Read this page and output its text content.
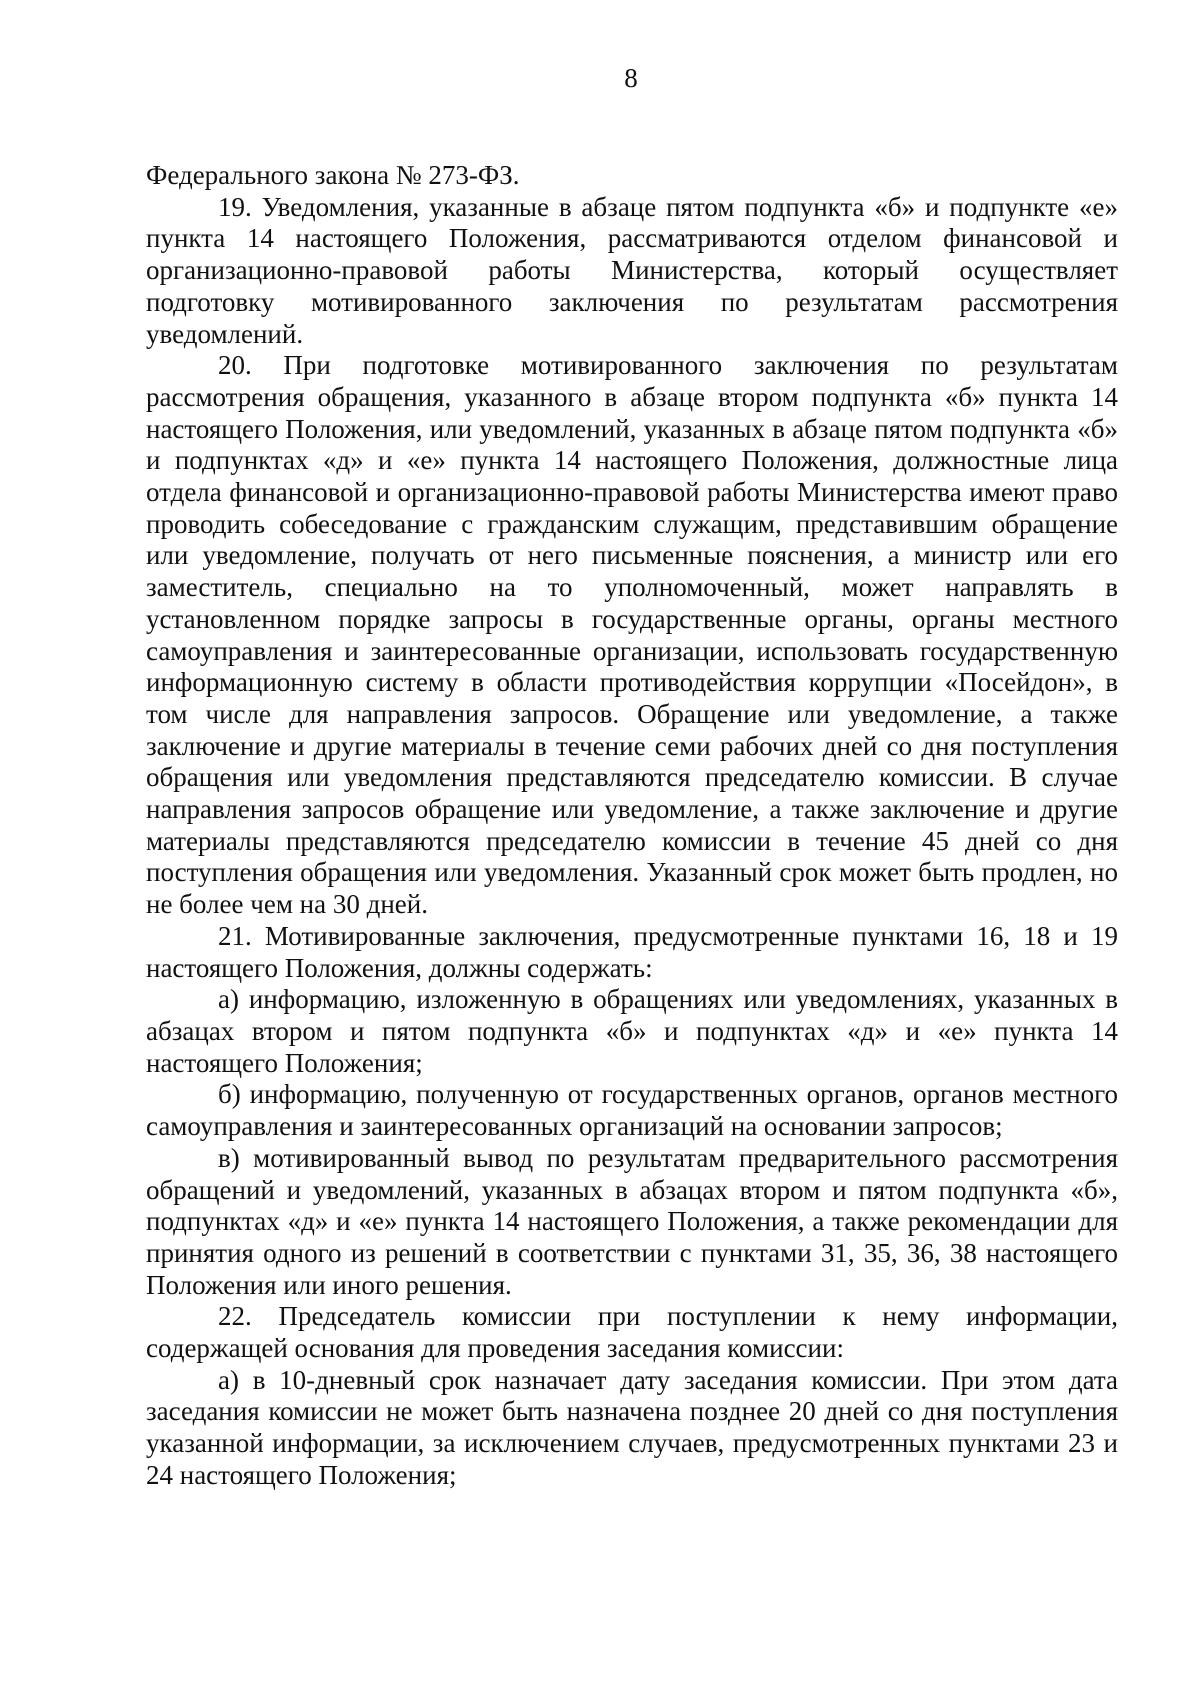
8

Федерального закона № 273-ФЗ.

19. Уведомления, указанные в абзаце пятом подпункта «б» и подпункте «е» пункта 14 настоящего Положения, рассматриваются отделом финансовой и организационно-правовой работы Министерства, который осуществляет подготовку мотивированного заключения по результатам рассмотрения уведомлений.

20. При подготовке мотивированного заключения по результатам рассмотрения обращения, указанного в абзаце втором подпункта «б» пункта 14 настоящего Положения, или уведомлений, указанных в абзаце пятом подпункта «б» и подпунктах «д» и «е» пункта 14 настоящего Положения, должностные лица отдела финансовой и организационно-правовой работы Министерства имеют право проводить собеседование с гражданским служащим, представившим обращение или уведомление, получать от него письменные пояснения, а министр или его заместитель, специально на то уполномоченный, может направлять в установленном порядке запросы в государственные органы, органы местного самоуправления и заинтересованные организации, использовать государственную информационную систему в области противодействия коррупции «Посейдон», в том числе для направления запросов. Обращение или уведомление, а также заключение и другие материалы в течение семи рабочих дней со дня поступления обращения или уведомления представляются председателю комиссии. В случае направления запросов обращение или уведомление, а также заключение и другие материалы представляются председателю комиссии в течение 45 дней со дня поступления обращения или уведомления. Указанный срок может быть продлен, но не более чем на 30 дней.

21. Мотивированные заключения, предусмотренные пунктами 16, 18 и 19 настоящего Положения, должны содержать:

а) информацию, изложенную в обращениях или уведомлениях, указанных в абзацах втором и пятом подпункта «б» и подпунктах «д» и «е» пункта 14 настоящего Положения;

б) информацию, полученную от государственных органов, органов местного самоуправления и заинтересованных организаций на основании запросов;

в) мотивированный вывод по результатам предварительного рассмотрения обращений и уведомлений, указанных в абзацах втором и пятом подпункта «б», подпунктах «д» и «е» пункта 14 настоящего Положения, а также рекомендации для принятия одного из решений в соответствии с пунктами 31, 35, 36, 38 настоящего Положения или иного решения.

22. Председатель комиссии при поступлении к нему информации, содержащей основания для проведения заседания комиссии:

а) в 10-дневный срок назначает дату заседания комиссии. При этом дата заседания комиссии не может быть назначена позднее 20 дней со дня поступления указанной информации, за исключением случаев, предусмотренных пунктами 23 и 24 настоящего Положения;
